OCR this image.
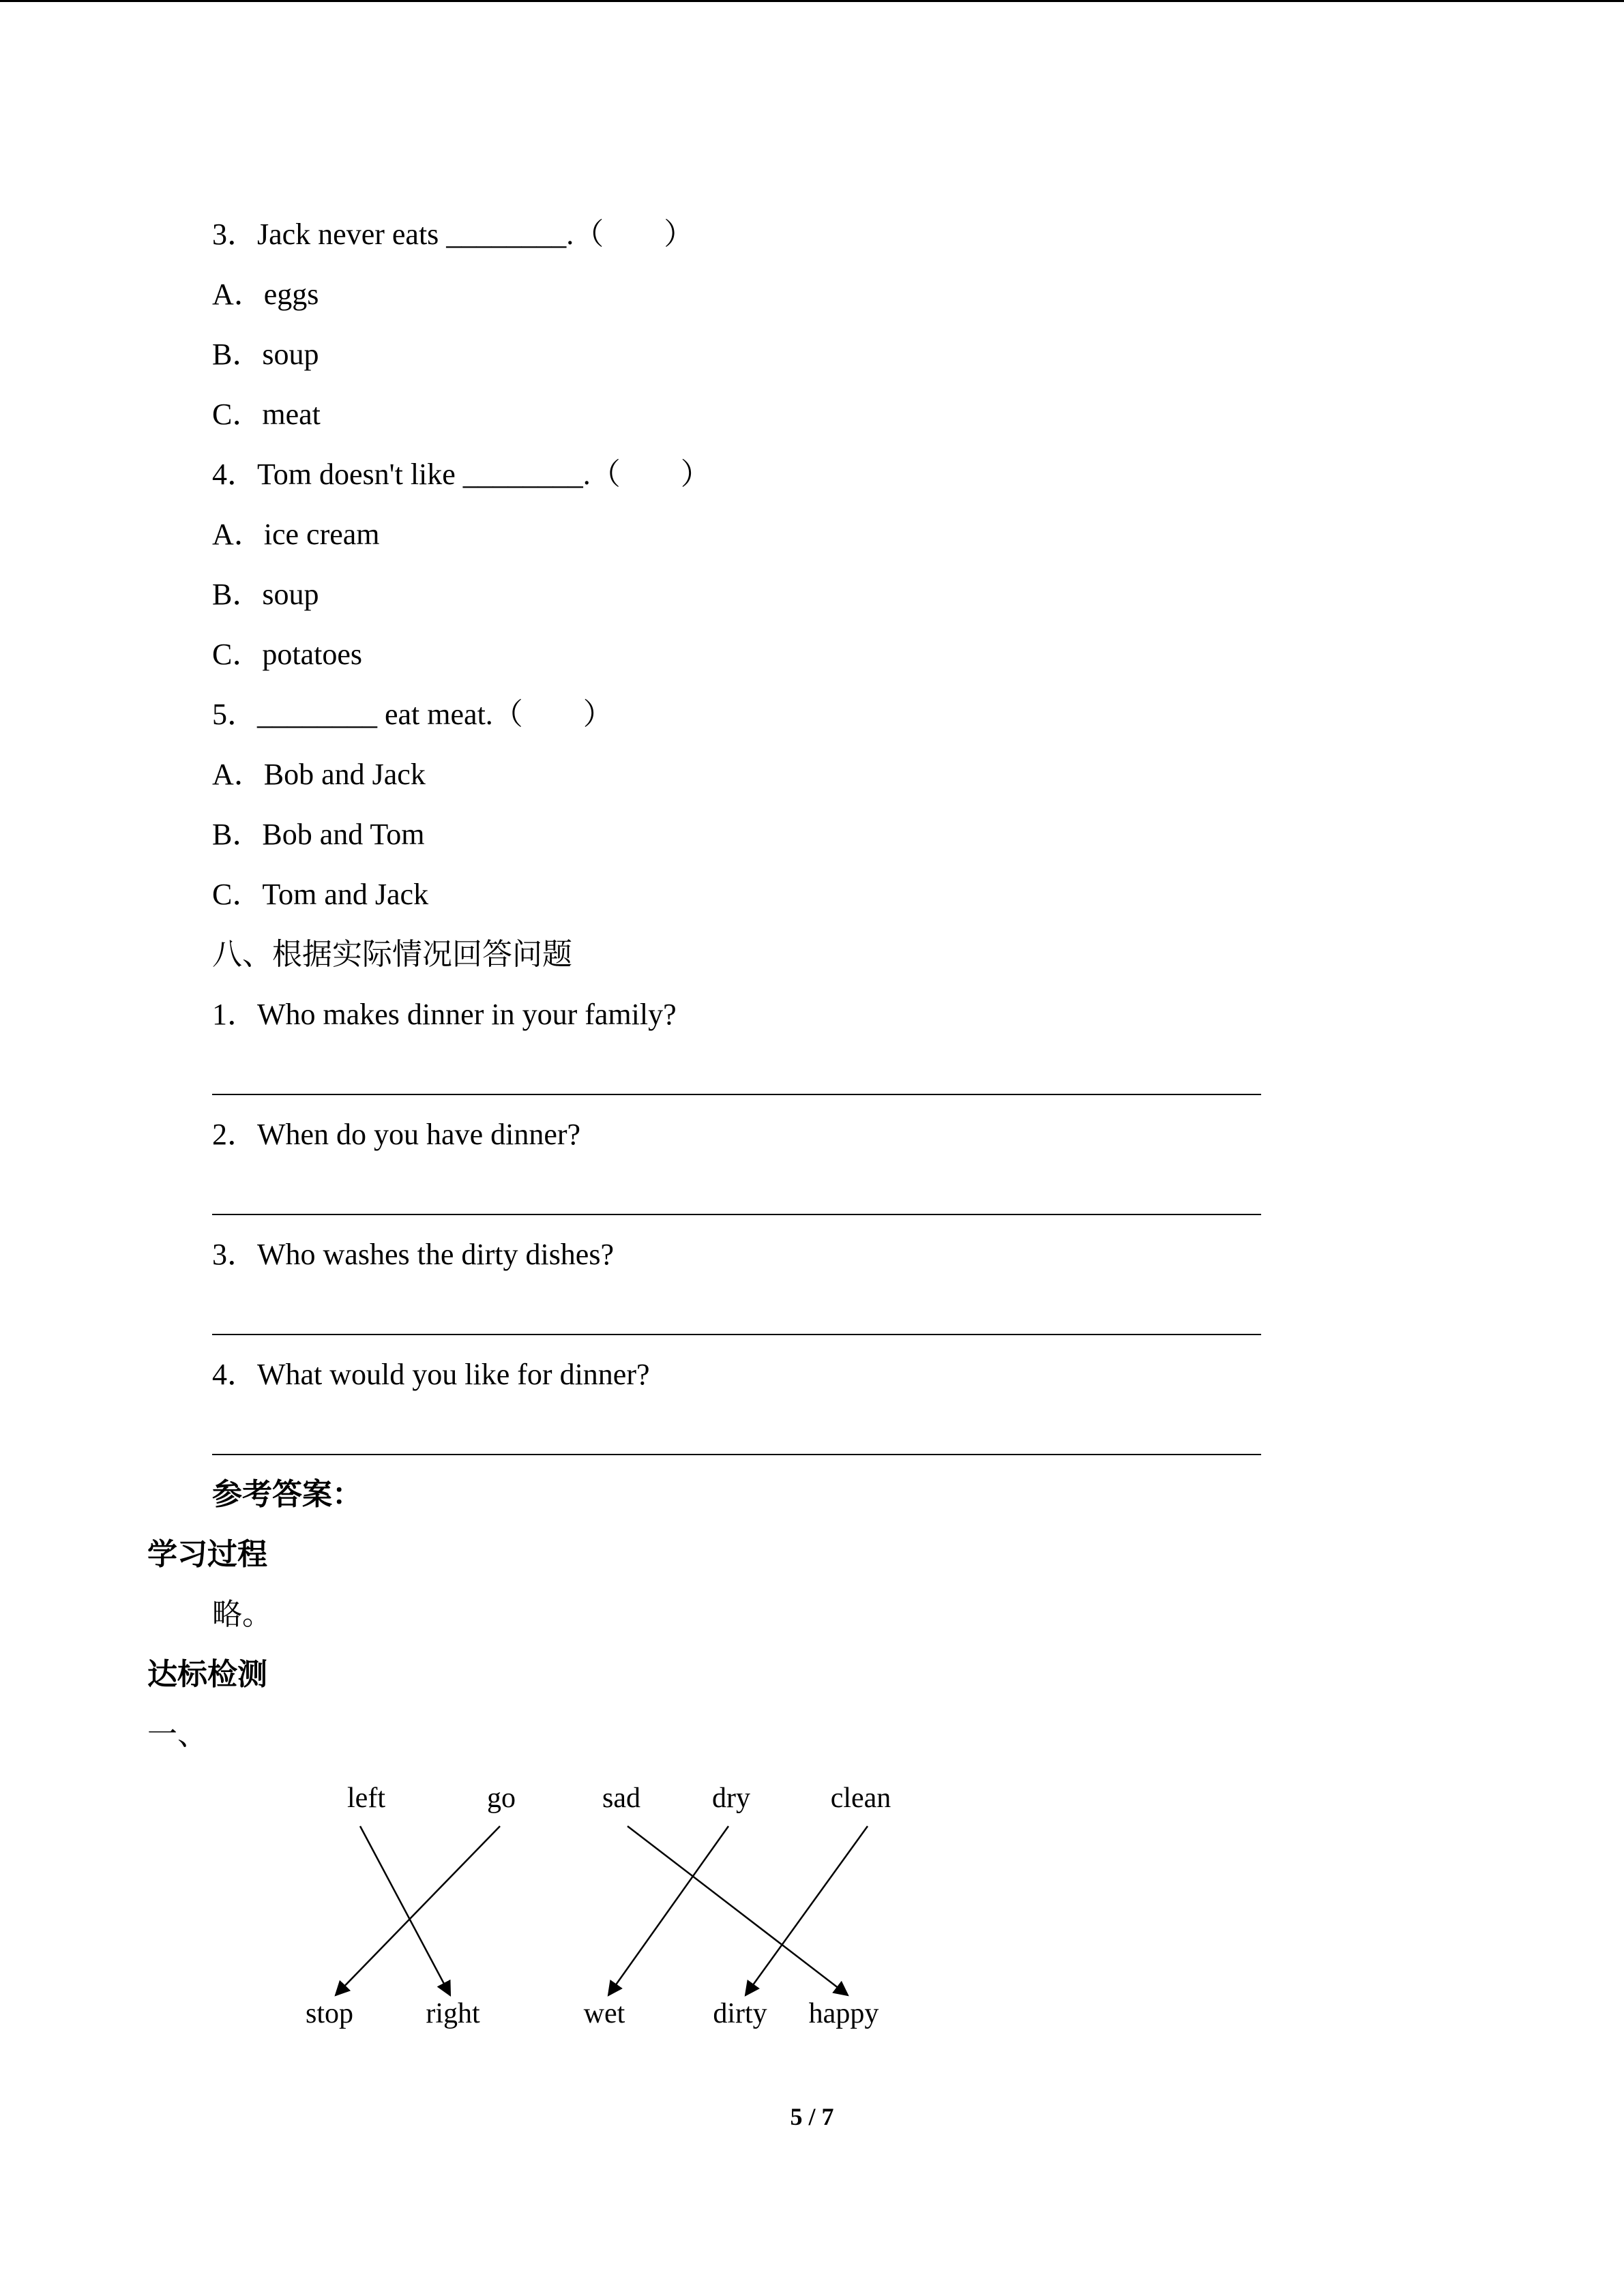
3．Jack never eats ________.（　　）
A．eggs
B．soup
C．meat
4．Tom doesn't like ________.（　　）
A．ice cream
B．soup
C．potatoes
5．________ eat meat.（　　）
A．Bob and Jack
B．Bob and Tom
C．Tom and Jack
八、根据实际情况回答问题
1．Who makes dinner in your family?
2．When do you have dinner?
3．Who washes the dirty dishes?
4．What would you like for dinner?
参考答案：
学习过程
略。
达标检测
一、
left	go	sad	dry	clean
stop	right	wet	dirty happy
5 / 7
